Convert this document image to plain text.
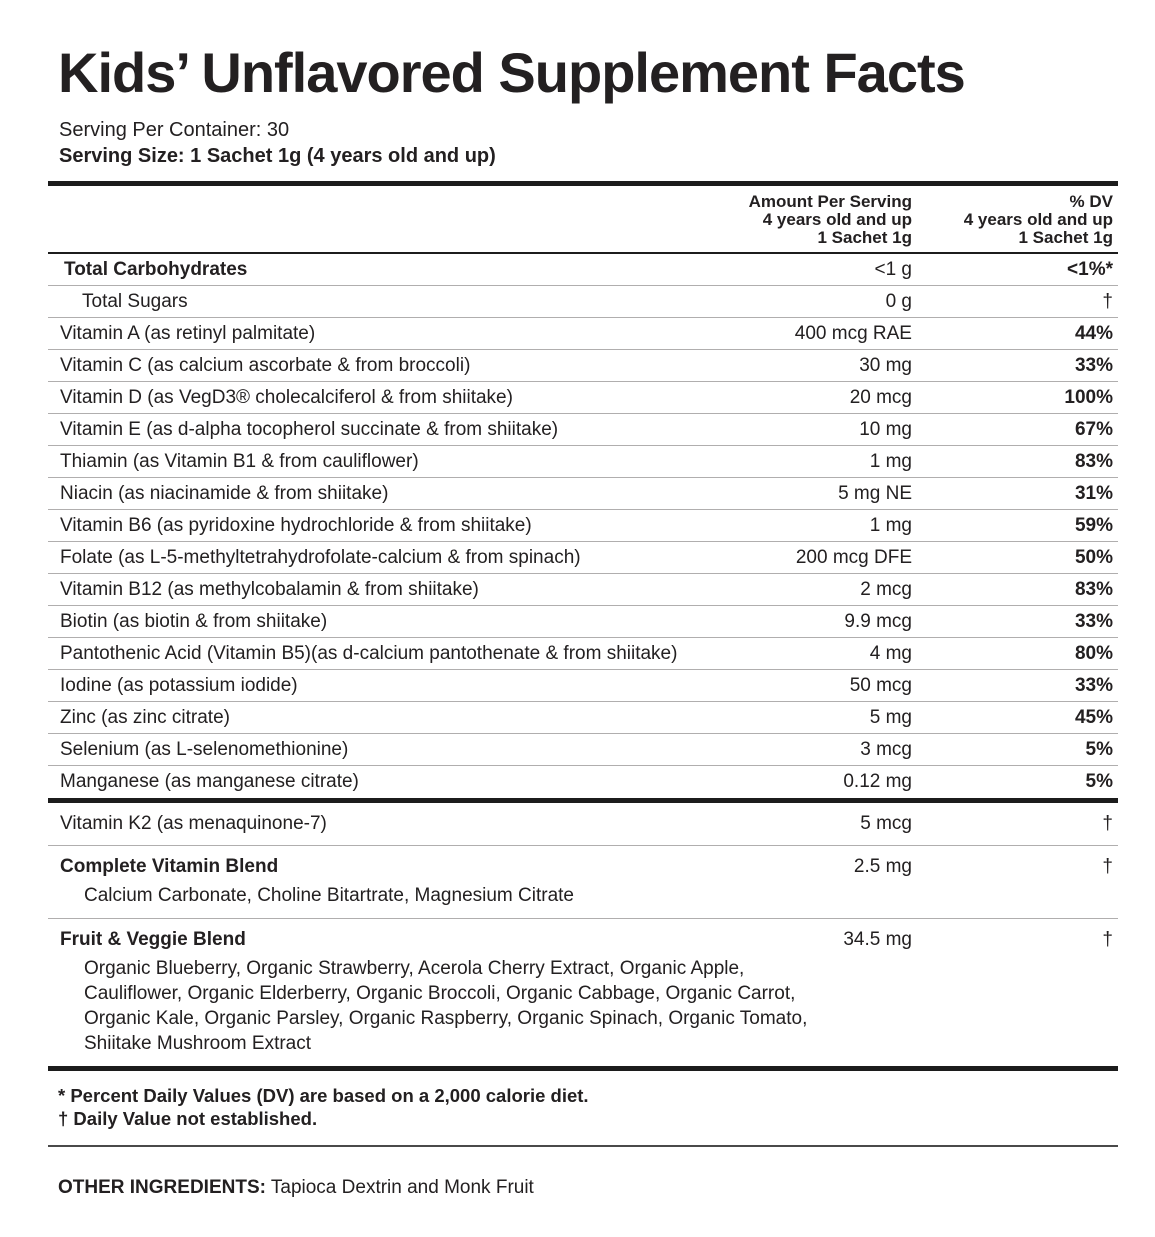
Kids’ Unflavored Supplement Facts
Serving Per Container: 30
Serving Size: 1 Sachet 1g (4 years old and up)
Amount Per Serving
4 years old and up
1 Sachet 1g
% DV
4 years old and up
1 Sachet 1g
Total Carbohydrates	<1 g	<1%*
Total Sugars	0 g	†
Vitamin A (as retinyl palmitate)	400 mcg RAE	44%
Vitamin C (as calcium ascorbate & from broccoli)	30 mg	33%
Vitamin D (as VegD3® cholecalciferol & from shiitake)	20 mcg	100%
Vitamin E (as d-alpha tocopherol succinate & from shiitake)	10 mg	67%
Thiamin (as Vitamin B1 & from cauliflower)	1 mg	83%
Niacin (as niacinamide & from shiitake)	5 mg NE	31%
Vitamin B6 (as pyridoxine hydrochloride & from shiitake)	1 mg	59%
Folate (as L-5-methyltetrahydrofolate-calcium & from spinach)	200 mcg DFE	50%
Vitamin B12 (as methylcobalamin & from shiitake)	2 mcg	83%
Biotin (as biotin & from shiitake)	9.9 mcg	33%
Pantothenic Acid (Vitamin B5)(as d-calcium pantothenate & from shiitake)	4 mg	80%
Iodine (as potassium iodide)	50 mcg	33%
Zinc (as zinc citrate)	5 mg	45%
Selenium (as L-selenomethionine)	3 mcg	5%
Manganese (as manganese citrate)	0.12 mg	5%
Vitamin K2 (as menaquinone-7)	5 mcg	†
Complete Vitamin Blend	2.5 mg	†
Calcium Carbonate, Choline Bitartrate, Magnesium Citrate
Fruit & Veggie Blend	34.5 mg	†
Organic Blueberry, Organic Strawberry, Acerola Cherry Extract, Organic Apple,
Cauliflower, Organic Elderberry, Organic Broccoli, Organic Cabbage, Organic Carrot,
Organic Kale, Organic Parsley, Organic Raspberry, Organic Spinach, Organic Tomato,
Shiitake Mushroom Extract
* Percent Daily Values (DV) are based on a 2,000 calorie diet.
† Daily Value not established.
OTHER INGREDIENTS: Tapioca Dextrin and Monk Fruit
